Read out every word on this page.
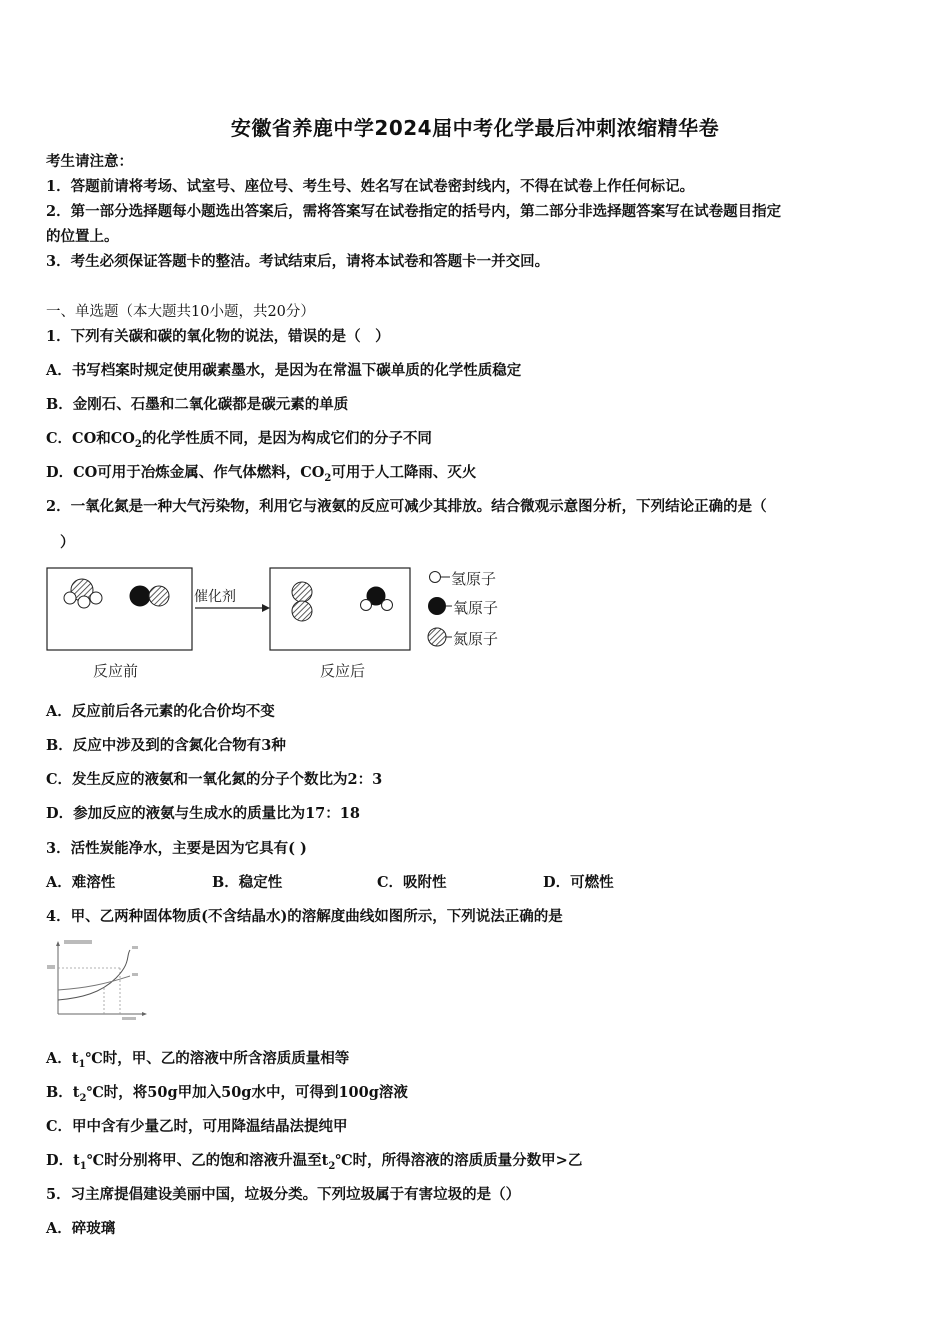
安徽省养鹿中学2024届中考化学最后冲刺浓缩精华卷
考生请注意：
1．答题前请将考场、试室号、座位号、考生号、姓名写在试卷密封线内，不得在试卷上作任何标记。
2．第一部分选择题每小题选出答案后，需将答案写在试卷指定的括号内，第二部分非选择题答案写在试卷题目指定
的位置上。
3．考生必须保证答题卡的整洁。考试结束后，请将本试卷和答题卡一并交回。
一、单选题（本大题共10小题，共20分）
1．下列有关碳和碳的氧化物的说法，错误的是（　）
A．书写档案时规定使用碳素墨水，是因为在常温下碳单质的化学性质稳定
B．金刚石、石墨和二氧化碳都是碳元素的单质
C．CO和$CO_2$的化学性质不同，是因为构成它们的分子不同
D．CO可用于冶炼金属、作气体燃料，$CO_2$可用于人工降雨、灭火
2．一氧化氮是一种大气污染物，利用它与液氨的反应可减少其排放。结合微观示意图分析，下列结论正确的是（
）
催化剂
反应前	反应后
氢原子
氧原子
氮原子
A．反应前后各元素的化合价均不变
B．反应中涉及到的含氮化合物有3种
C．发生反应的液氨和一氧化氮的分子个数比为2：3
D．参加反应的液氨与生成水的质量比为17：18
3．活性炭能净水，主要是因为它具有( )
A．难溶性	B．稳定性	C．吸附性	D．可燃性
4．甲、乙两种固体物质(不含结晶水)的溶解度曲线如图所示，下列说法正确的是
A．$t_1℃$时，甲、乙的溶液中所含溶质质量相等
B．$t_2℃$时，将50g甲加入50g水中，可得到100g溶液
C．甲中含有少量乙时，可用降温结晶法提纯甲
D．$t_1℃$时分别将甲、乙的饱和溶液升温至$t_2℃$时，所得溶液的溶质质量分数甲>乙
5．习主席提倡建设美丽中国，垃圾分类。下列垃圾属于有害垃圾的是（）
A．碎玻璃
